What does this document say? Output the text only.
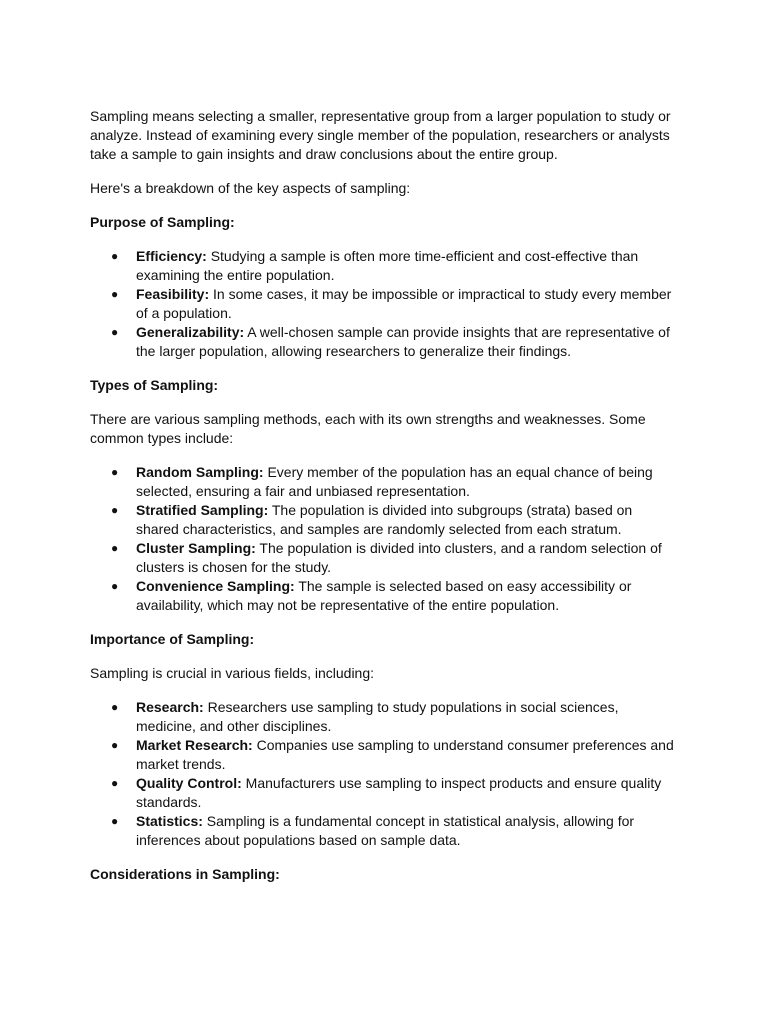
Sampling means selecting a smaller, representative group from a larger population to study or analyze. Instead of examining every single member of the population, researchers or analysts take a sample to gain insights and draw conclusions about the entire group.

Here's a breakdown of the key aspects of sampling:

Purpose of Sampling:

● Efficiency: Studying a sample is often more time-efficient and cost-effective than examining the entire population.
● Feasibility: In some cases, it may be impossible or impractical to study every member of a population.
● Generalizability: A well-chosen sample can provide insights that are representative of the larger population, allowing researchers to generalize their findings.

Types of Sampling:

There are various sampling methods, each with its own strengths and weaknesses. Some common types include:

● Random Sampling: Every member of the population has an equal chance of being selected, ensuring a fair and unbiased representation.
● Stratified Sampling: The population is divided into subgroups (strata) based on shared characteristics, and samples are randomly selected from each stratum.
● Cluster Sampling: The population is divided into clusters, and a random selection of clusters is chosen for the study.
● Convenience Sampling: The sample is selected based on easy accessibility or availability, which may not be representative of the entire population.

Importance of Sampling:

Sampling is crucial in various fields, including:

● Research: Researchers use sampling to study populations in social sciences, medicine, and other disciplines.
● Market Research: Companies use sampling to understand consumer preferences and market trends.
● Quality Control: Manufacturers use sampling to inspect products and ensure quality standards.
● Statistics: Sampling is a fundamental concept in statistical analysis, allowing for inferences about populations based on sample data.

Considerations in Sampling:
